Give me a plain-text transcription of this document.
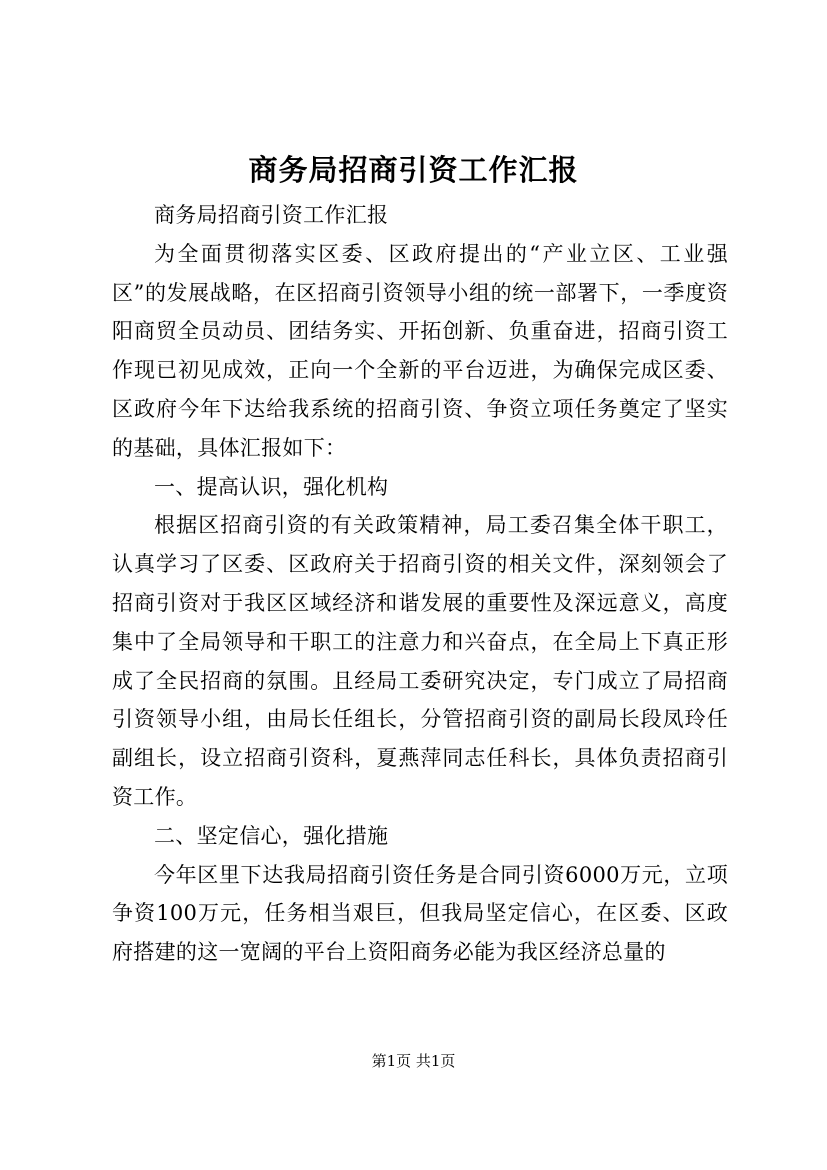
商务局招商引资工作汇报

商务局招商引资工作汇报

为全面贯彻落实区委、区政府提出的“产业立区、工业强区”的发展战略，在区招商引资领导小组的统一部署下，一季度资阳商贸全员动员、团结务实、开拓创新、负重奋进，招商引资工作现已初见成效，正向一个全新的平台迈进，为确保完成区委、区政府今年下达给我系统的招商引资、争资立项任务奠定了坚实的基础，具体汇报如下：

一、提高认识，强化机构

根据区招商引资的有关政策精神，局工委召集全体干职工，认真学习了区委、区政府关于招商引资的相关文件，深刻领会了招商引资对于我区区域经济和谐发展的重要性及深远意义，高度集中了全局领导和干职工的注意力和兴奋点，在全局上下真正形成了全民招商的氛围。且经局工委研究决定，专门成立了局招商引资领导小组，由局长任组长，分管招商引资的副局长段凤玲任副组长，设立招商引资科，夏燕萍同志任科长，具体负责招商引资工作。

二、坚定信心，强化措施

今年区里下达我局招商引资任务是合同引资6000万元，立项争资100万元，任务相当艰巨，但我局坚定信心，在区委、区政府搭建的这一宽阔的平台上资阳商务必能为我区经济总量的

第1页 共1页
